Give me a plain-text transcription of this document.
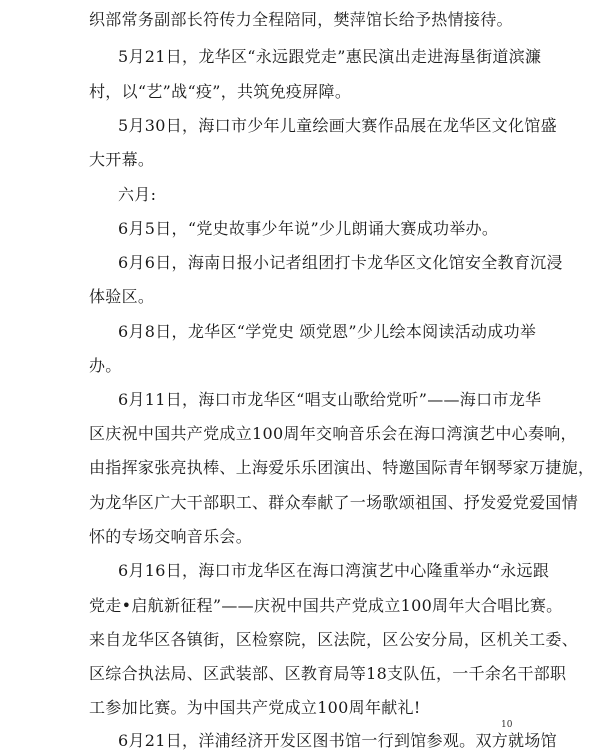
织部常务副部长符传力全程陪同，樊萍馆长给予热情接待。
5月21日，龙华区“永远跟党走”惠民演出走进海垦街道滨濂
村，以“艺”战“疫”，共筑免疫屏障。
5月30日，海口市少年儿童绘画大赛作品展在龙华区文化馆盛
大开幕。
六月:
6月5日，“党史故事少年说”少儿朗诵大赛成功举办。
6月6日，海南日报小记者组团打卡龙华区文化馆安全教育沉浸
体验区。
6月8日，龙华区“学党史 颂党恩”少儿绘本阅读活动成功举
办。
6月11日，海口市龙华区“唱支山歌给党听”——海口市龙华
区庆祝中国共产党成立100周年交响音乐会在海口湾演艺中心奏响，
由指挥家张亮执棒、上海爱乐乐团演出、特邀国际青年钢琴家万捷旎，
为龙华区广大干部职工、群众奉献了一场歌颂祖国、抒发爱党爱国情
怀的专场交响音乐会。
6月16日，海口市龙华区在海口湾演艺中心隆重举办“永远跟
党走•启航新征程”——庆祝中国共产党成立100周年大合唱比赛。
来自龙华区各镇街，区检察院，区法院，区公安分局，区机关工委、
区综合执法局、区武装部、区教育局等18支队伍，一千余名干部职
工参加比赛。为中国共产党成立100周年献礼!
6月21日，洋浦经济开发区图书馆一行到馆参观。双方就场馆
10
